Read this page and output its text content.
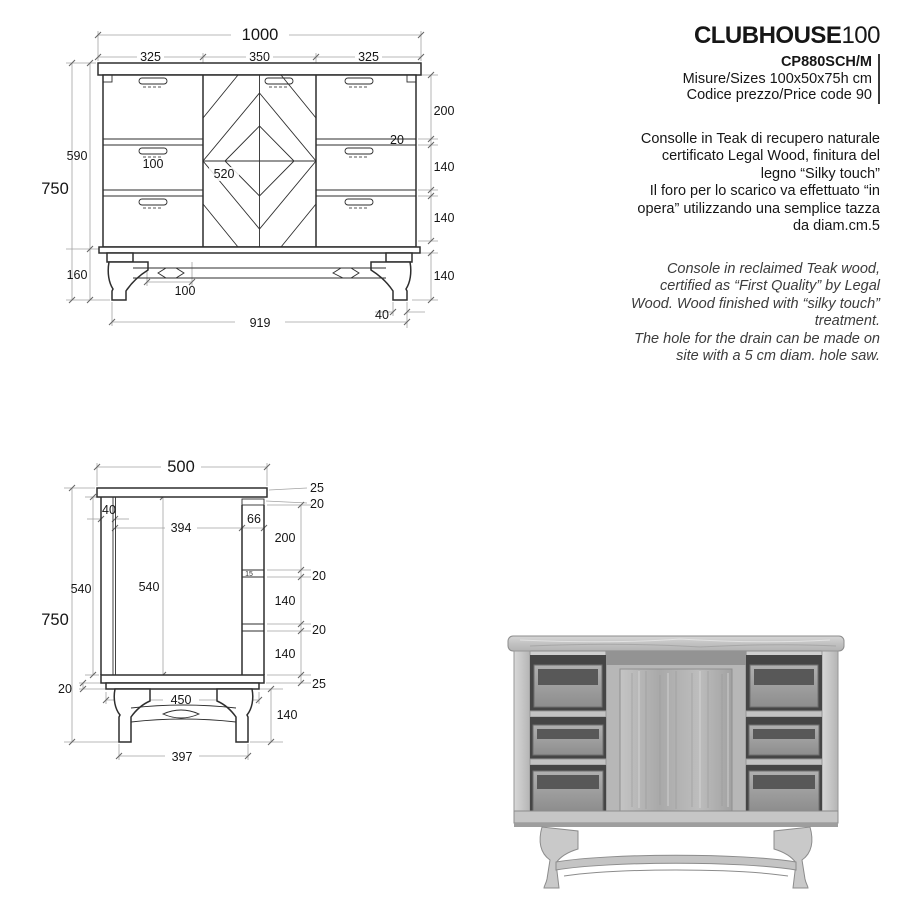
CLUBHOUSE100
CP880SCH/M
Misure/Sizes 100x50x75h cm
Codice prezzo/Price code 90
Consolle in Teak di recupero naturale
certificato Legal Wood, finitura del
legno “Silky touch”
Il foro per lo scarico va effettuato “in
opera” utilizzando una semplice tazza
da diam.cm.5
Console in reclaimed Teak wood,
certified as “First Quality” by Legal
Wood. Wood finished with “silky touch”
treatment.
The hole for the drain can be made on
site with a 5 cm diam. hole saw.
1000
325	350	325
750
590
160
100
520
200
20
140
140
140
40
100
919
500
25
20
40
394
66
200
20
15
140
20
140
25
540	540
750
20
450
140
397
